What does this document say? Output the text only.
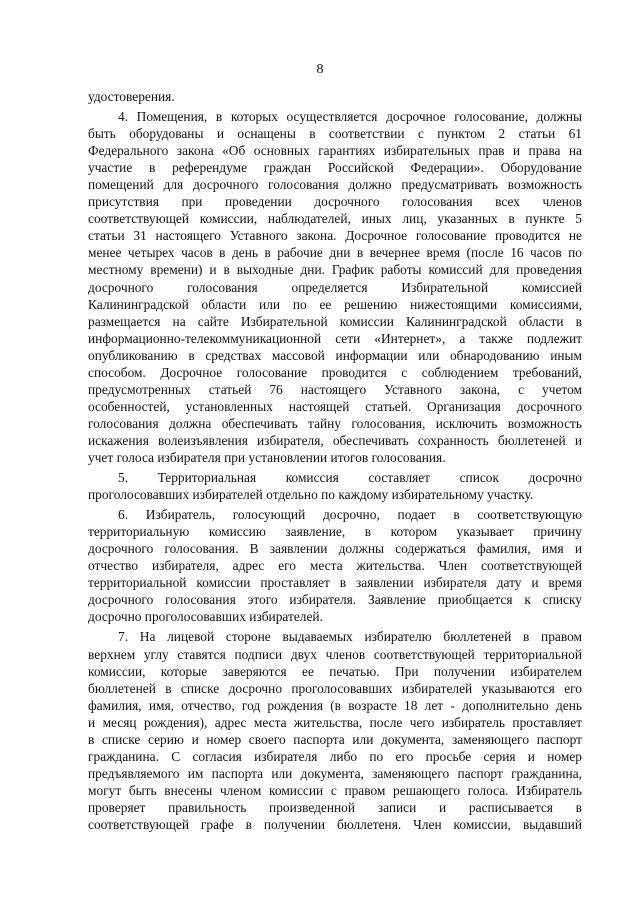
8
удостоверения.
4. Помещения, в которых осуществляется досрочное голосование, должны
быть оборудованы и оснащены в соответствии с пунктом 2 статьи 61
Федерального закона «Об основных гарантиях избирательных прав и права на
участие в референдуме граждан Российской Федерации». Оборудование
помещений для досрочного голосования должно предусматривать возможность
присутствия при проведении досрочного голосования всех членов
соответствующей комиссии, наблюдателей, иных лиц, указанных в пункте 5
статьи 31 настоящего Уставного закона. Досрочное голосование проводится не
менее четырех часов в день в рабочие дни в вечернее время (после 16 часов по
местному времени) и в выходные дни. График работы комиссий для проведения
досрочного голосования определяется Избирательной комиссией
Калининградской области или по ее решению нижестоящими комиссиями,
размещается на сайте Избирательной комиссии Калининградской области в
информационно-телекоммуникационной сети «Интернет», а также подлежит
опубликованию в средствах массовой информации или обнародованию иным
способом. Досрочное голосование проводится с соблюдением требований,
предусмотренных статьей 76 настоящего Уставного закона, с учетом
особенностей, установленных настоящей статьей. Организация досрочного
голосования должна обеспечивать тайну голосования, исключить возможность
искажения волеизъявления избирателя, обеспечивать сохранность бюллетеней и
учет голоса избирателя при установлении итогов голосования.
5. Территориальная комиссия составляет список досрочно
проголосовавших избирателей отдельно по каждому избирательному участку.
6. Избиратель, голосующий досрочно, подает в соответствующую
территориальную комиссию заявление, в котором указывает причину
досрочного голосования. В заявлении должны содержаться фамилия, имя и
отчество избирателя, адрес его места жительства. Член соответствующей
территориальной комиссии проставляет в заявлении избирателя дату и время
досрочного голосования этого избирателя. Заявление приобщается к списку
досрочно проголосовавших избирателей.
7. На лицевой стороне выдаваемых избирателю бюллетеней в правом
верхнем углу ставятся подписи двух членов соответствующей территориальной
комиссии, которые заверяются ее печатью. При получении избирателем
бюллетеней в списке досрочно проголосовавших избирателей указываются его
фамилия, имя, отчество, год рождения (в возрасте 18 лет - дополнительно день
и месяц рождения), адрес места жительства, после чего избиратель проставляет
в списке серию и номер своего паспорта или документа, заменяющего паспорт
гражданина. С согласия избирателя либо по его просьбе серия и номер
предъявляемого им паспорта или документа, заменяющего паспорт гражданина,
могут быть внесены членом комиссии с правом решающего голоса. Избиратель
проверяет правильность произведенной записи и расписывается в
соответствующей графе в получении бюллетеня. Член комиссии, выдавший
